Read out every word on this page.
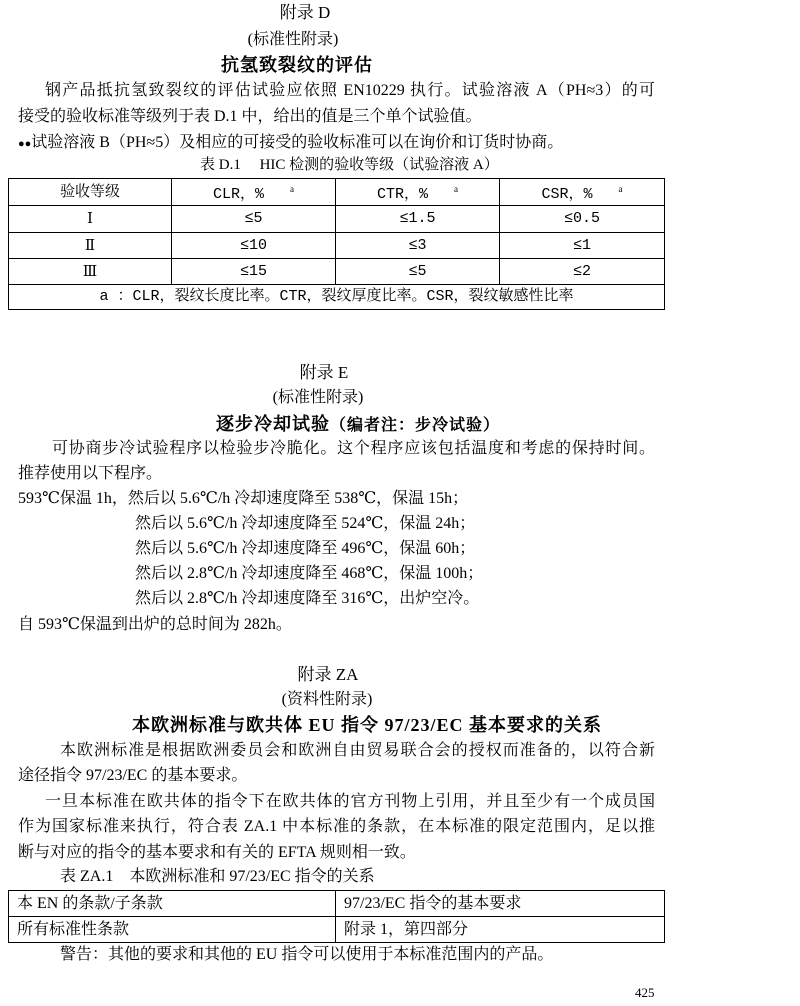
附录 D
(标准性附录)
抗氢致裂纹的评估
钢产品抵抗氢致裂纹的评估试验应依照 EN10229 执行。试验溶液 A（PH≈3）的可
接受的验收标准等级列于表 D.1 中，给出的值是三个单个试验值。
●●试验溶液 B（PH≈5）及相应的可接受的验收标准可以在询价和订货时协商。
表 D.1　 HIC 检测的验收等级（试验溶液 A）
验收等级	CLR，% $^a$	CTR，% $^a$	CSR，% $^a$
Ⅰ	≤5	≤1.5	≤0.5
Ⅱ	≤10	≤3	≤1
Ⅲ	≤15	≤5	≤2
a ：CLR，裂纹长度比率。CTR，裂纹厚度比率。CSR，裂纹敏感性比率			
附录 E
(标准性附录)
逐步冷却试验（编者注：步冷试验）
可协商步冷试验程序以检验步冷脆化。这个程序应该包括温度和考虑的保持时间。
推荐使用以下程序。
593℃保温 1h，然后以 5.6℃/h 冷却速度降至 538℃，保温 15h；
然后以 5.6℃/h 冷却速度降至 524℃，保温 24h；
然后以 5.6℃/h 冷却速度降至 496℃，保温 60h；
然后以 2.8℃/h 冷却速度降至 468℃，保温 100h；
然后以 2.8℃/h 冷却速度降至 316℃，出炉空冷。
自 593℃保温到出炉的总时间为 282h。
附录 ZA
(资料性附录)
本欧洲标准与欧共体 EU 指令 97/23/EC 基本要求的关系
本欧洲标准是根据欧洲委员会和欧洲自由贸易联合会的授权而准备的，以符合新
途径指令 97/23/EC 的基本要求。
一旦本标准在欧共体的指令下在欧共体的官方刊物上引用，并且至少有一个成员国
作为国家标准来执行，符合表 ZA.1 中本标准的条款，在本标准的限定范围内，足以推
断与对应的指令的基本要求和有关的 EFTA 规则相一致。
表 ZA.1　本欧洲标准和 97/23/EC 指令的关系
本 EN 的条款/子条款	97/23/EC 指令的基本要求
所有标准性条款	附录 1，第四部分
警告：其他的要求和其他的 EU 指令可以使用于本标准范围内的产品。
425
